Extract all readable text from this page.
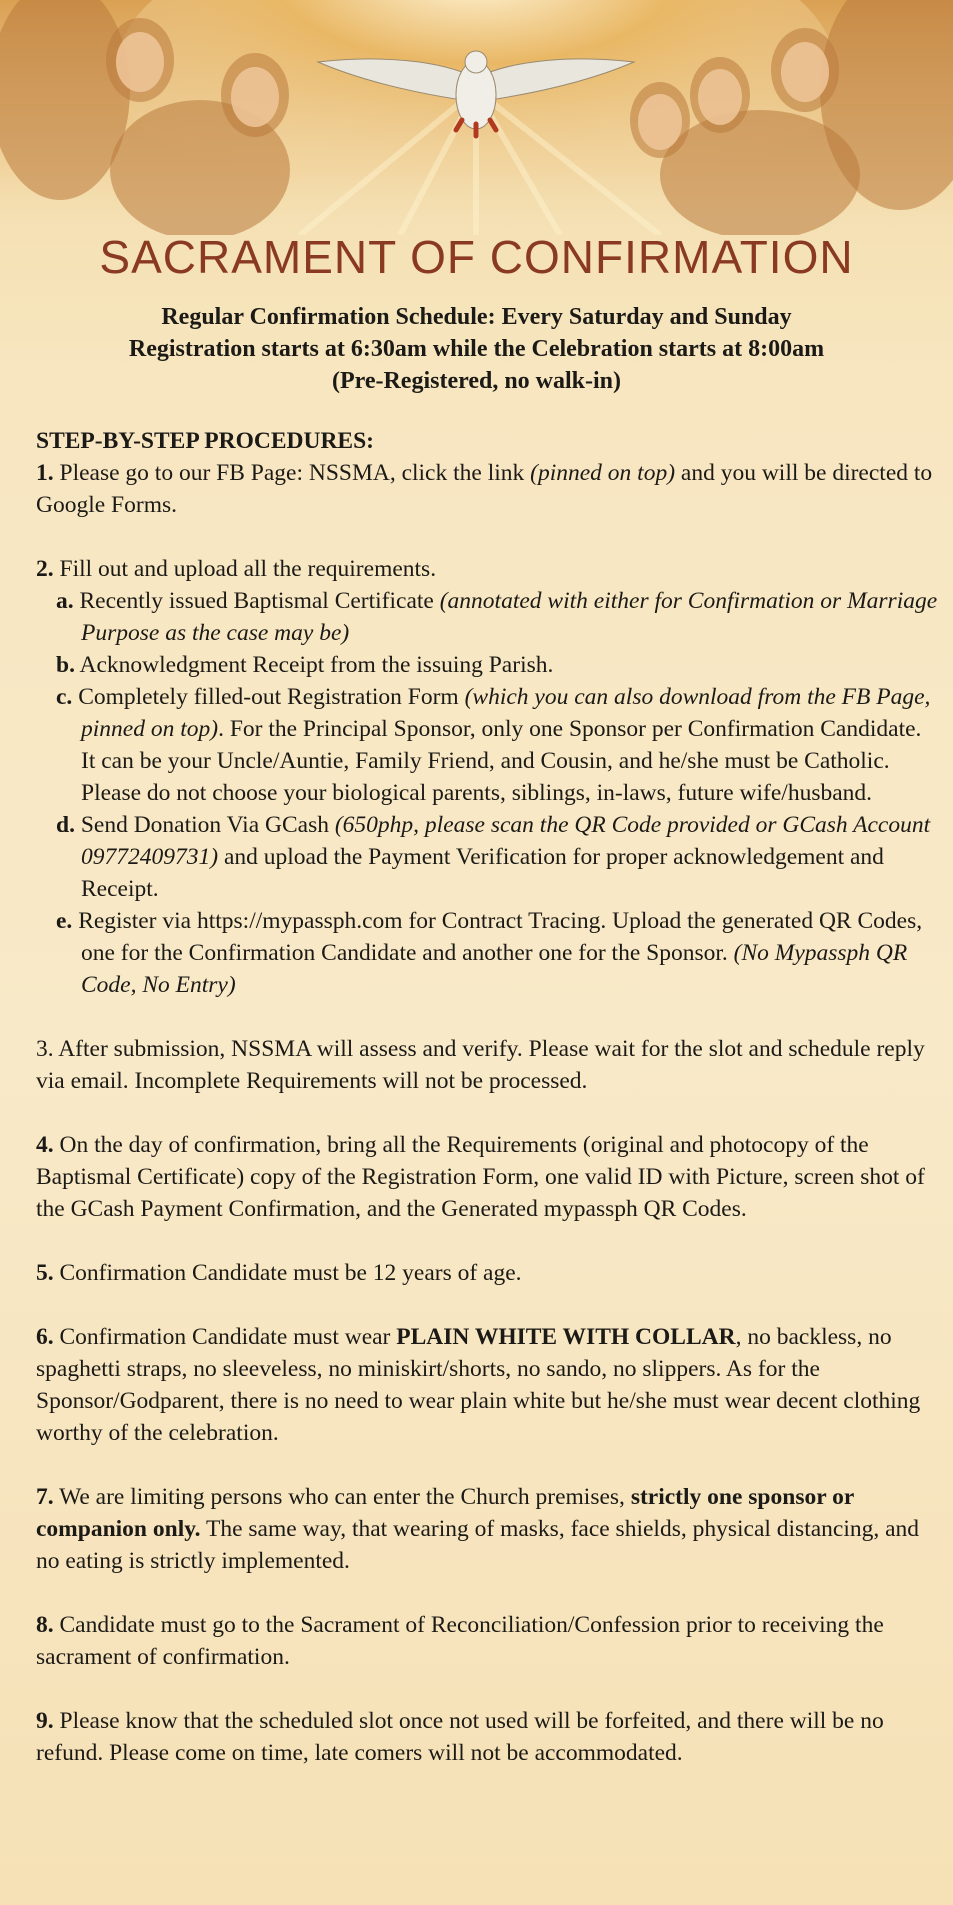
SACRAMENT OF CONFIRMATION
Regular Confirmation Schedule: Every Saturday and Sunday
Registration starts at 6:30am while the Celebration starts at 8:00am
(Pre-Registered, no walk-in)

STEP-BY-STEP PROCEDURES:

1. Please go to our FB Page: NSSMA, click the link (pinned on top) and you will be directed to Google Forms.

2. Fill out and upload all the requirements.

a. Recently issued Baptismal Certificate (annotated with either for Confirmation or Marriage Purpose as the case may be)

b. Acknowledgment Receipt from the issuing Parish.

c. Completely filled-out Registration Form (which you can also download from the FB Page, pinned on top). For the Principal Sponsor, only one Sponsor per Confirmation Candidate. It can be your Uncle/Auntie, Family Friend, and Cousin, and he/she must be Catholic. Please do not choose your biological parents, siblings, in-laws, future wife/husband.

d. Send Donation Via GCash (650php, please scan the QR Code provided or GCash Account 09772409731) and upload the Payment Verification for proper acknowledgement and Receipt.

e. Register via https://mypassph.com for Contract Tracing. Upload the generated QR Codes, one for the Confirmation Candidate and another one for the Sponsor. (No Mypassph QR Code, No Entry)

3. After submission, NSSMA will assess and verify. Please wait for the slot and schedule reply via email. Incomplete Requirements will not be processed.

4. On the day of confirmation, bring all the Requirements (original and photocopy of the Baptismal Certificate) copy of the Registration Form, one valid ID with Picture, screen shot of the GCash Payment Confirmation, and the Generated mypassph QR Codes.

5. Confirmation Candidate must be 12 years of age.

6. Confirmation Candidate must wear PLAIN WHITE WITH COLLAR, no backless, no spaghetti straps, no sleeveless, no miniskirt/shorts, no sando, no slippers. As for the Sponsor/Godparent, there is no need to wear plain white but he/she must wear decent clothing worthy of the celebration.

7. We are limiting persons who can enter the Church premises, strictly one sponsor or companion only. The same way, that wearing of masks, face shields, physical distancing, and no eating is strictly implemented.

8. Candidate must go to the Sacrament of Reconciliation/Confession prior to receiving the sacrament of confirmation.

9. Please know that the scheduled slot once not used will be forfeited, and there will be no refund. Please come on time, late comers will not be accommodated.
